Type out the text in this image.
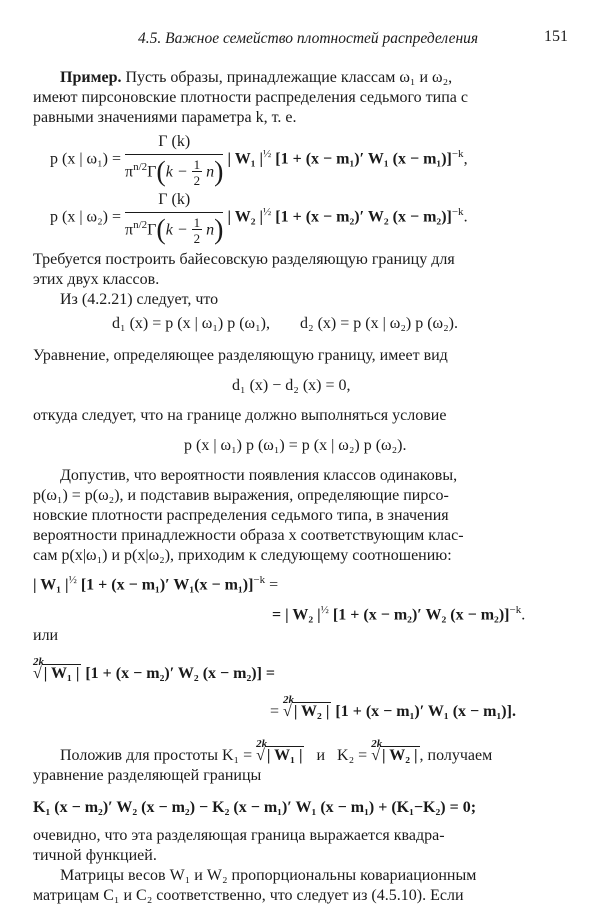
4.5. Важное семейство плотностей распределения	151
Пример. Пусть образы, принадлежащие классам ω₁ и ω₂,
имеют пирсоновские плотности распределения седьмого типа с
равными значениями параметра k, т. е.
p (x | $\omega_1) = \frac{\Gamma (k)}{\pi^{n/2}\Gamma(k - \frac{1}{2} n)}$ | W₁ $|^{\frac{1}{2}}$ [1 + (x − m₁)′ W₁ (x − m₁)]$^{-k}$,
p (x | $\omega_2) = \frac{\Gamma (k)}{\pi^{n/2}\Gamma(k - \frac{1}{2} n)}$ | W₂ $|^{\frac{1}{2}}$ [1 + (x − m₂)′ W₂ (x − m₂)]$^{-k}$.
Требуется построить байесовскую разделяющую границу для
этих двух классов.
Из (4.2.21) следует, что
d₁ (x) = p (x | ω₁) p (ω₁), d₂ (x) = p (x | ω₂) p (ω₂).
Уравнение, определяющее разделяющую границу, имеет вид
d₁ (x) − d₂ (x) = 0,
откуда следует, что на границе должно выполняться условие
p (x | ω₁) p (ω₁) = p (x | ω₂) p (ω₂).
Допустив, что вероятности появления классов одинаковы,
p(ω₁) = p(ω₂), и подставив выражения, определяющие пирсо-
новские плотности распределения седьмого типа, в значения
вероятности принадлежности образа x соответствующим клас-
сам p(x|ω₁) и p(x|ω₂), приходим к следующему соотношению:
| W₁ $|^{\frac{1}{2}}$ [1 + (x − m₁)′ W₁(x − m₁)]$^{-k}$ =
= | W₂ $|^{\frac{1}{2}}$ [1 + (x − m₂)′ W₂ (x − m₂)]$^{-k}$.
или
2k
√ | W₁ | [1 + (x − m₂)′ W₂ (x − m₂)] =
=
2k
√ | W₂ | [1 + (x − m₁)′ W₁ (x − m₁)].
Положив для простоты K₁ =
2k
√ | W₁ | и K₂ =
2k
√ | W₂ | , получаем
уравнение разделяющей границы
K₁ (x − m₂)′ W₂ (x − m₂) − K₂ (x − m₁)′ W₁ (x − m₁) + (K₁−K₂) = 0;
очевидно, что эта разделяющая граница выражается квадра-
тичной функцией.
Матрицы весов W₁ и W₂ пропорциональны ковариационным
матрицам C₁ и C₂ соответственно, что следует из (4.5.10). Если
